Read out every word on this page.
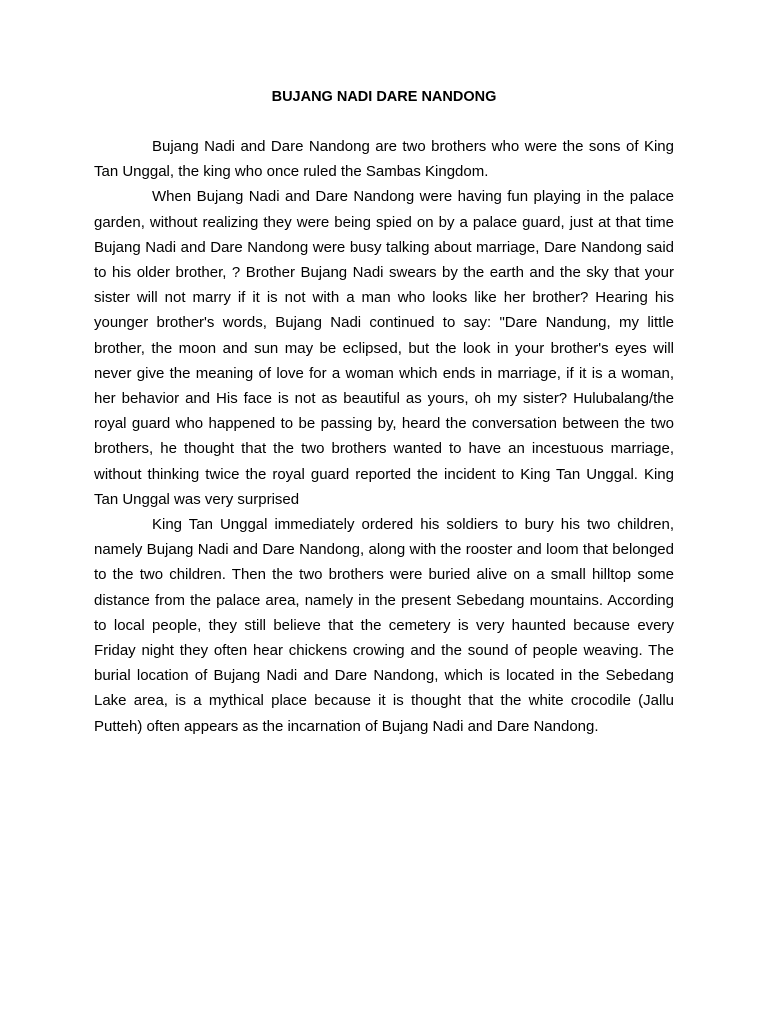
BUJANG NADI DARE NANDONG

Bujang Nadi and Dare Nandong are two brothers who were the sons of King Tan Unggal, the king who once ruled the Sambas Kingdom.

When Bujang Nadi and Dare Nandong were having fun playing in the palace garden, without realizing they were being spied on by a palace guard, just at that time Bujang Nadi and Dare Nandong were busy talking about marriage, Dare Nandong said to his older brother, ? Brother Bujang Nadi swears by the earth and the sky that your sister will not marry if it is not with a man who looks like her brother? Hearing his younger brother's words, Bujang Nadi continued to say: "Dare Nandung, my little brother, the moon and sun may be eclipsed, but the look in your brother's eyes will never give the meaning of love for a woman which ends in marriage, if it is a woman, her behavior and His face is not as beautiful as yours, oh my sister? Hulubalang/the royal guard who happened to be passing by, heard the conversation between the two brothers, he thought that the two brothers wanted to have an incestuous marriage, without thinking twice the royal guard reported the incident to King Tan Unggal. King Tan Unggal was very surprised

King Tan Unggal immediately ordered his soldiers to bury his two children, namely Bujang Nadi and Dare Nandong, along with the rooster and loom that belonged to the two children. Then the two brothers were buried alive on a small hilltop some distance from the palace area, namely in the present Sebedang mountains. According to local people, they still believe that the cemetery is very haunted because every Friday night they often hear chickens crowing and the sound of people weaving. The burial location of Bujang Nadi and Dare Nandong, which is located in the Sebedang Lake area, is a mythical place because it is thought that the white crocodile (Jallu Putteh) often appears as the incarnation of Bujang Nadi and Dare Nandong.
